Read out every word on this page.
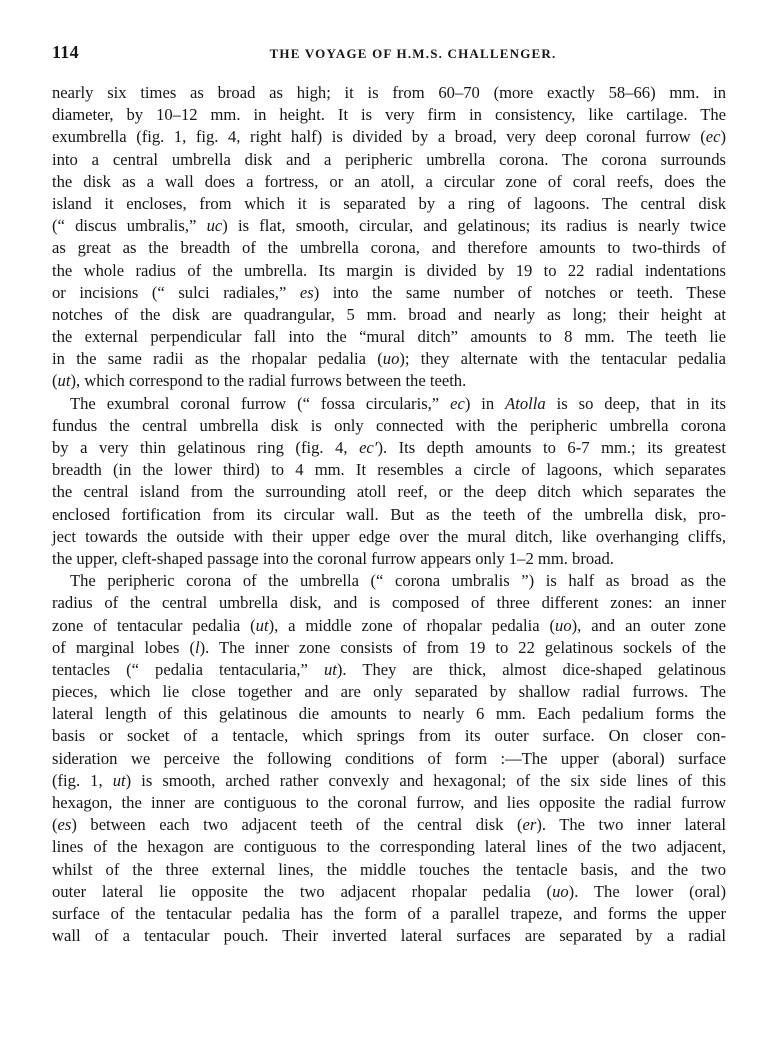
114	THE VOYAGE OF H.M.S. CHALLENGER.
nearly six times as broad as high; it is from 60–70 (more exactly 58–66) mm. in
diameter, by 10–12 mm. in height. It is very firm in consistency, like cartilage. The
exumbrella (fig. 1, fig. 4, right half) is divided by a broad, very deep coronal furrow (ec)
into a central umbrella disk and a peripheric umbrella corona. The corona surrounds
the disk as a wall does a fortress, or an atoll, a circular zone of coral reefs, does the
island it encloses, from which it is separated by a ring of lagoons. The central disk
(“ discus umbralis,” uc) is flat, smooth, circular, and gelatinous; its radius is nearly twice
as great as the breadth of the umbrella corona, and therefore amounts to two-thirds of
the whole radius of the umbrella. Its margin is divided by 19 to 22 radial indentations
or incisions (“ sulci radiales,” es) into the same number of notches or teeth. These
notches of the disk are quadrangular, 5 mm. broad and nearly as long; their height at
the external perpendicular fall into the “mural ditch” amounts to 8 mm. The teeth lie
in the same radii as the rhopalar pedalia (uo); they alternate with the tentacular pedalia
(ut), which correspond to the radial furrows between the teeth.
The exumbral coronal furrow (“ fossa circularis,” ec) in Atolla is so deep, that in its
fundus the central umbrella disk is only connected with the peripheric umbrella corona
by a very thin gelatinous ring (fig. 4, ec′). Its depth amounts to 6-7 mm.; its greatest
breadth (in the lower third) to 4 mm. It resembles a circle of lagoons, which separates
the central island from the surrounding atoll reef, or the deep ditch which separates the
enclosed fortification from its circular wall. But as the teeth of the umbrella disk, pro-
ject towards the outside with their upper edge over the mural ditch, like overhanging cliffs,
the upper, cleft-shaped passage into the coronal furrow appears only 1–2 mm. broad.
The peripheric corona of the umbrella (“ corona umbralis ”) is half as broad as the
radius of the central umbrella disk, and is composed of three different zones: an inner
zone of tentacular pedalia (ut), a middle zone of rhopalar pedalia (uo), and an outer zone
of marginal lobes (l). The inner zone consists of from 19 to 22 gelatinous sockels of the
tentacles (“ pedalia tentacularia,” ut). They are thick, almost dice-shaped gelatinous
pieces, which lie close together and are only separated by shallow radial furrows. The
lateral length of this gelatinous die amounts to nearly 6 mm. Each pedalium forms the
basis or socket of a tentacle, which springs from its outer surface. On closer con-
sideration we perceive the following conditions of form :—The upper (aboral) surface
(fig. 1, ut) is smooth, arched rather convexly and hexagonal; of the six side lines of this
hexagon, the inner are contiguous to the coronal furrow, and lies opposite the radial furrow
(es) between each two adjacent teeth of the central disk (er). The two inner lateral
lines of the hexagon are contiguous to the corresponding lateral lines of the two adjacent,
whilst of the three external lines, the middle touches the tentacle basis, and the two
outer lateral lie opposite the two adjacent rhopalar pedalia (uo). The lower (oral)
surface of the tentacular pedalia has the form of a parallel trapeze, and forms the upper
wall of a tentacular pouch. Their inverted lateral surfaces are separated by a radial
